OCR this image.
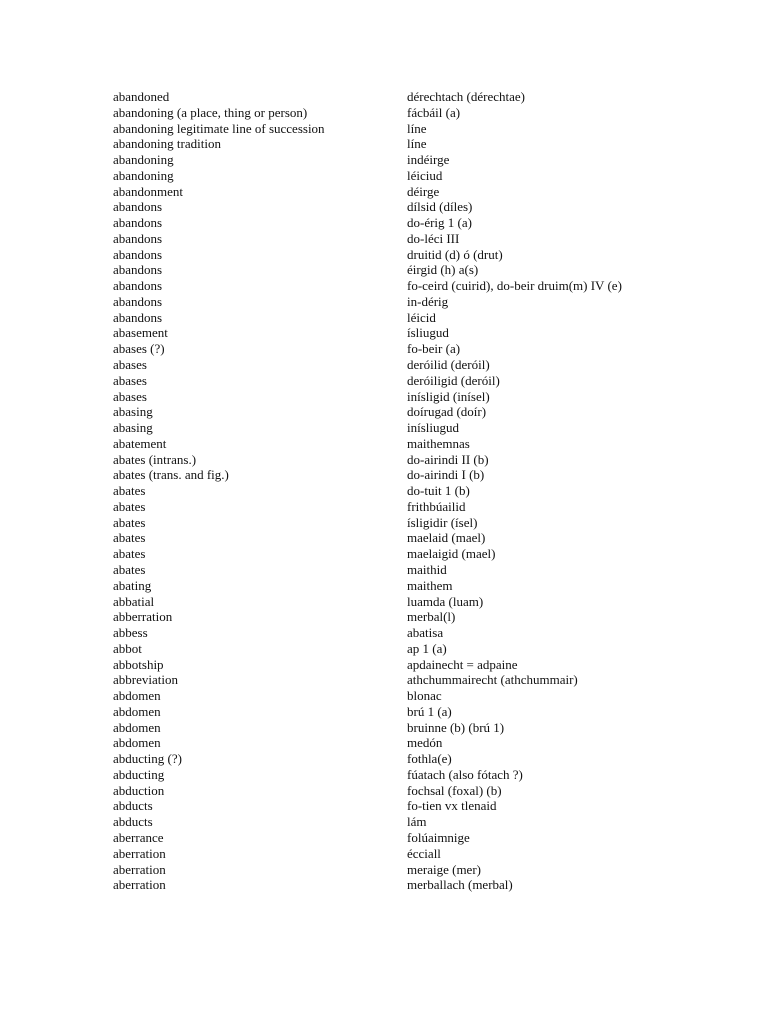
abandoned	dérechtach (dérechtae)
abandoning (a place, thing or person)	fácbáil (a)
abandoning legitimate line of succession	líne
abandoning tradition	líne
abandoning	indéirge
abandoning	léiciud
abandonment	déirge
abandons	dílsid (díles)
abandons	do-érig 1 (a)
abandons	do-léci III
abandons	druitid (d) ó (drut)
abandons	éirgid (h) a(s)
abandons	fo-ceird (cuirid), do-beir druim(m) IV (e)
abandons	in-dérig
abandons	léicid
abasement	ísliugud
abases (?)	fo-beir (a)
abases	deróilid (deróil)
abases	deróiligid (deróil)
abases	inísligid (inísel)
abasing	doírugad (doír)
abasing	inísliugud
abatement	maithemnas
abates (intrans.)	do-airindi II (b)
abates (trans. and fig.)	do-airindi I (b)
abates	do-tuit 1 (b)
abates	frithbúailid
abates	ísligidir (ísel)
abates	maelaid (mael)
abates	maelaigid (mael)
abates	maithid
abating	maithem
abbatial	luamda (luam)
abberration	merbal(l)
abbess	abatisa
abbot	ap 1 (a)
abbotship	apdainecht = adpaine
abbreviation	athchummairecht (athchummair)
abdomen	blonac
abdomen	brú 1 (a)
abdomen	bruinne (b) (brú 1)
abdomen	medón
abducting (?)	fothla(e)
abducting	fúatach (also fótach ?)
abduction	fochsal (foxal) (b)
abducts	fo-tien vx tlenaid
abducts	lám
aberrance	folúaimnige
aberration	écciall
aberration	meraige (mer)
aberration	merballach (merbal)
